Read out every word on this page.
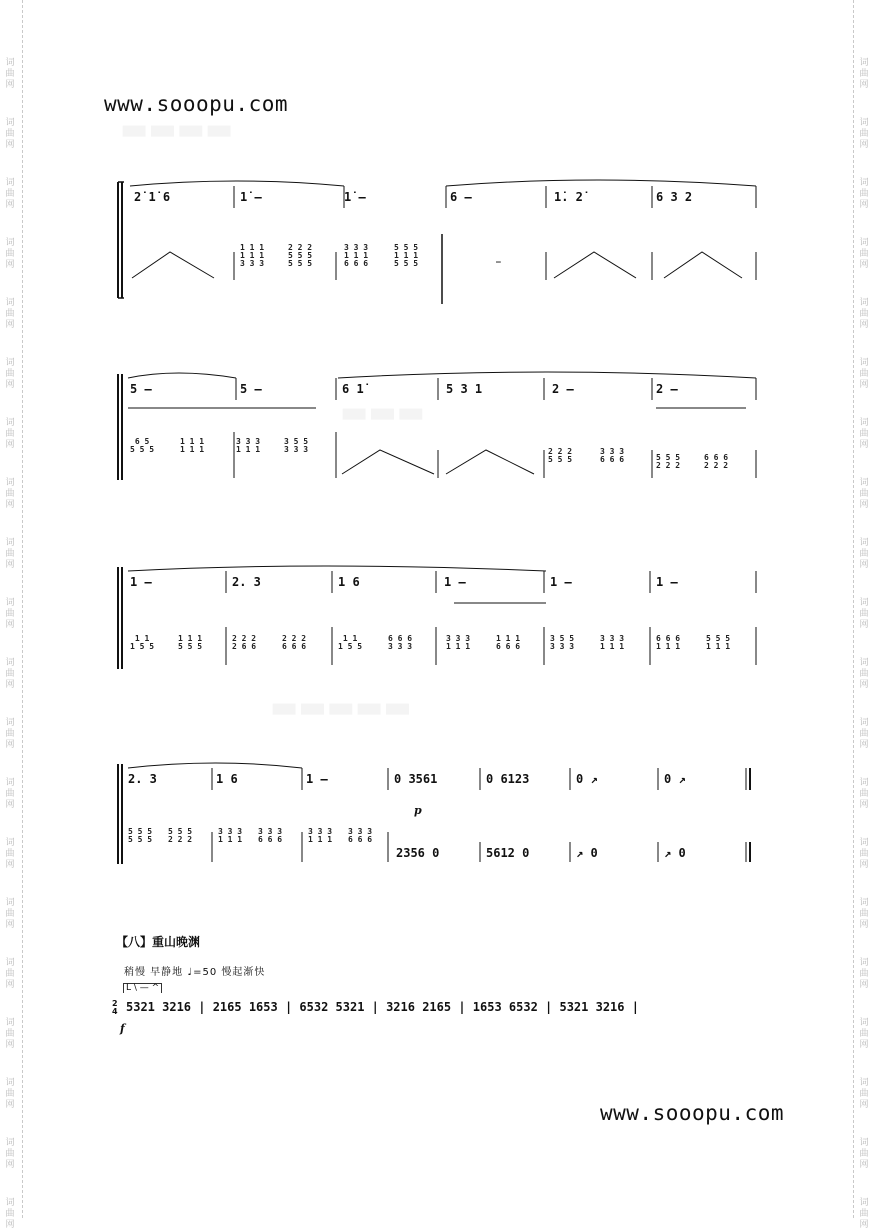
词
曲
网
词
曲
网
词
曲
网
词
曲
网
词
曲
网
词
曲
网
词
曲
网
词
曲
网
词
曲
网
词
曲
网
词
曲
网
词
曲
网
词
曲
网
词
曲
网
词
曲
网
词
曲
网
词
曲
网
词
曲
网
词
曲
网
词
曲
网
词
曲
网
词
曲
网
词
曲
网
词
曲
网
词
曲
网
词
曲
网
词
曲
网
词
曲
网
词
曲
网
词
曲
网
词
曲
网
词
曲
网
词
曲
网
词
曲
网
词
曲
网
词
曲
网
词
曲
网
词
曲
网
词
曲
网
词
曲
网
▬▬▬▬
▬▬▬
▬▬▬▬▬
www.sooopu.com
2̇ 1̇ 6	1̇ –	1̇ –	6 –	1̇. 2̇	6 3 2
1 1 1
1 1 1
3 3 3
2 2 2
5 5 5
5 5 5
3 3 3
1 1 1
6 6 6
5 5 5
1 1 1
5 5 5	–
5 –	5 –	6 1̇	5 3 1	2 –	2 –
6 5
5 5 5
1 1 1
1 1 1
3 3 3
1 1 1
3 5 5
3 3 3	2 2 2
5 5 5
3 3 3
6 6 6	5 5 5
2 2 2
6 6 6
2 2 2
1 –	2. 3	1 6	1 –	1 –	1 –
1 1
1 5 5
1 1 1
5 5 5
2 2 2
2 6 6
2 2 2
6 6 6
1 1
1 5 5
6 6 6
3 3 3
3 3 3
1 1 1
1 1 1
6 6 6
3 5 5
3 3 3
3 3 3
1 1 1
6 6 6
1 1 1
5 5 5
1 1 1
2. 3	1 6	1 –	0 3561	0 6123	0 ↗	0 ↗
p
5 5 5
5 5 5
5 5 5
2 2 2
3 3 3
1 1 1
3 3 3
6 6 6
3 3 3
1 1 1
3 3 3
6 6 6
2356 0	5612 0	↗ 0	↗ 0
【八】重山晚渊
稍慢 早静地 ♩=50 慢起渐快
L \ — ^
2
4 5321 3216 | 2165 1653 | 6532 5321 | 3216 2165 | 1653 6532 | 5321 3216 |
f
www.sooopu.com
